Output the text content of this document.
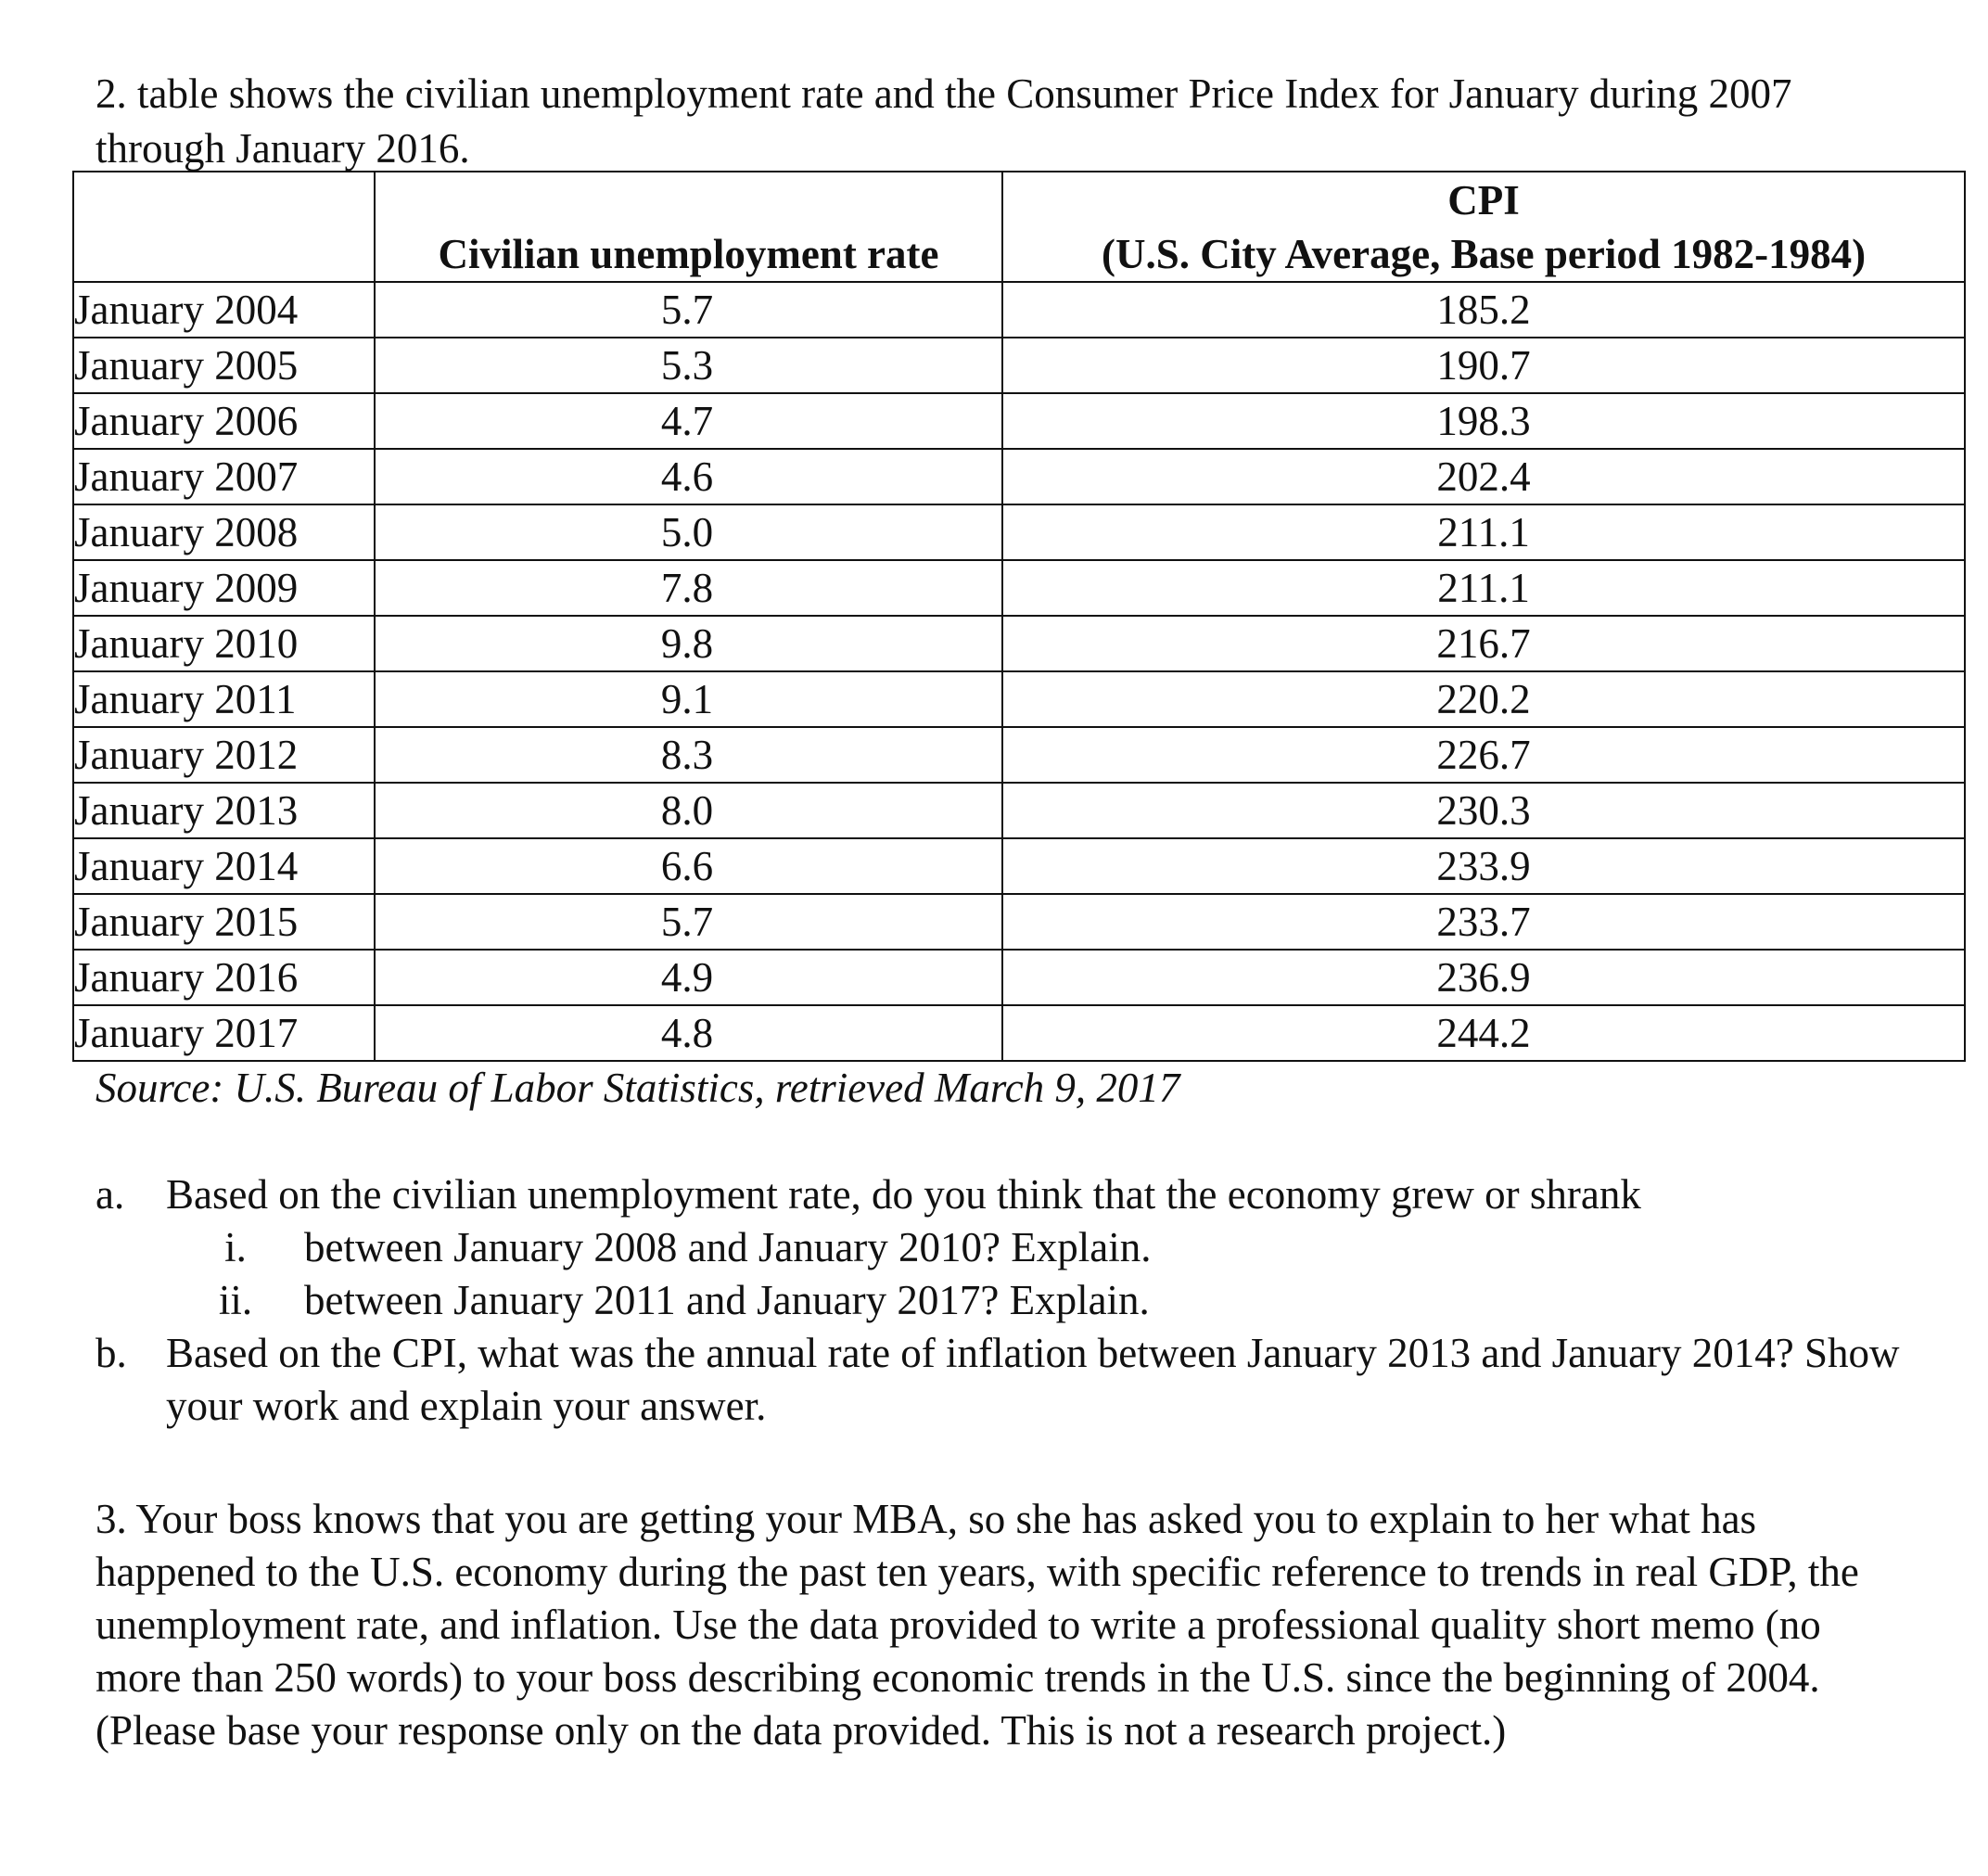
2. table shows the civilian unemployment rate and the Consumer Price Index for January during 2007 through January 2016.

	Civilian unemployment rate	CPI
(U.S. City Average, Base period 1982-1984)
January 2004	5.7	185.2
January 2005	5.3	190.7
January 2006	4.7	198.3
January 2007	4.6	202.4
January 2008	5.0	211.1
January 2009	7.8	211.1
January 2010	9.8	216.7
January 2011	9.1	220.2
January 2012	8.3	226.7
January 2013	8.0	230.3
January 2014	6.6	233.9
January 2015	5.7	233.7
January 2016	4.9	236.9
January 2017	4.8	244.2
Source: U.S. Bureau of Labor Statistics, retrieved March 9, 2017
a. Based on the civilian unemployment rate, do you think that the economy grew or shrank
i.	between January 2008 and January 2010? Explain.
ii.	between January 2011 and January 2017? Explain.
b. Based on the CPI, what was the annual rate of inflation between January 2013 and January 2014? Show your work and explain your answer.

3. Your boss knows that you are getting your MBA, so she has asked you to explain to her what has happened to the U.S. economy during the past ten years, with specific reference to trends in real GDP, the unemployment rate, and inflation. Use the data provided to write a professional quality short memo (no more than 250 words) to your boss describing economic trends in the U.S. since the beginning of 2004. (Please base your response only on the data provided. This is not a research project.)
